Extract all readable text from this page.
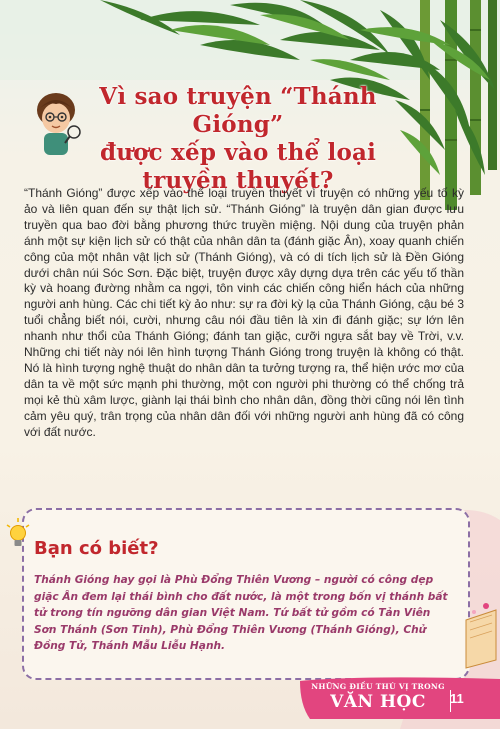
Vì sao truyện “Thánh Gióng”
được xếp vào thể loại
truyền thuyết?
“Thánh Gióng” được xếp vào thể loại truyền thuyết vì truyện có những yếu tố kỳ ảo và liên quan đến sự thật lịch sử. “Thánh Gióng” là truyện dân gian được lưu truyền qua bao đời bằng phương thức truyền miệng. Nội dung của truyện phản ánh một sự kiện lịch sử có thật của nhân dân ta (đánh giặc Ân), xoay quanh chiến công của một nhân vật lịch sử (Thánh Gióng), và có di tích lịch sử là Đền Gióng dưới chân núi Sóc Sơn. Đặc biệt, truyện được xây dựng dựa trên các yếu tố thần kỳ và hoang đường nhằm ca ngợi, tôn vinh các chiến công hiển hách của những người anh hùng. Các chi tiết kỳ ảo như: sự ra đời kỳ lạ của Thánh Gióng, cậu bé 3 tuổi chẳng biết nói, cười, nhưng câu nói đầu tiên là xin đi đánh giặc; sự lớn lên nhanh như thổi của Thánh Gióng; đánh tan giặc, cưỡi ngựa sắt bay về Trời, v.v. Những chi tiết này nói lên hình tượng Thánh Gióng trong truyện là không có thật. Nó là hình tượng nghệ thuật do nhân dân ta tưởng tượng ra, thể hiện ước mơ của dân ta về một sức mạnh phi thường, một con người phi thường có thể chống trả mọi kẻ thù xâm lược, giành lại thái bình cho nhân dân, đồng thời cũng nói lên tình cảm yêu quý, trân trọng của nhân dân đối với những người anh hùng đã có công với đất nước.
Bạn có biết?
Thánh Gióng hay gọi là Phù Đổng Thiên Vương – người có công dẹp giặc Ân đem lại thái bình cho đất nước, là một trong bốn vị thánh bất tử trong tín ngưỡng dân gian Việt Nam. Tứ bất tử gồm có Tản Viên Sơn Thánh (Sơn Tinh), Phù Đổng Thiên Vương (Thánh Gióng), Chử Đồng Tử, Thánh Mẫu Liễu Hạnh.
NHỮNG ĐIỀU THÚ VỊ TRONG
VĂN HỌC	11
